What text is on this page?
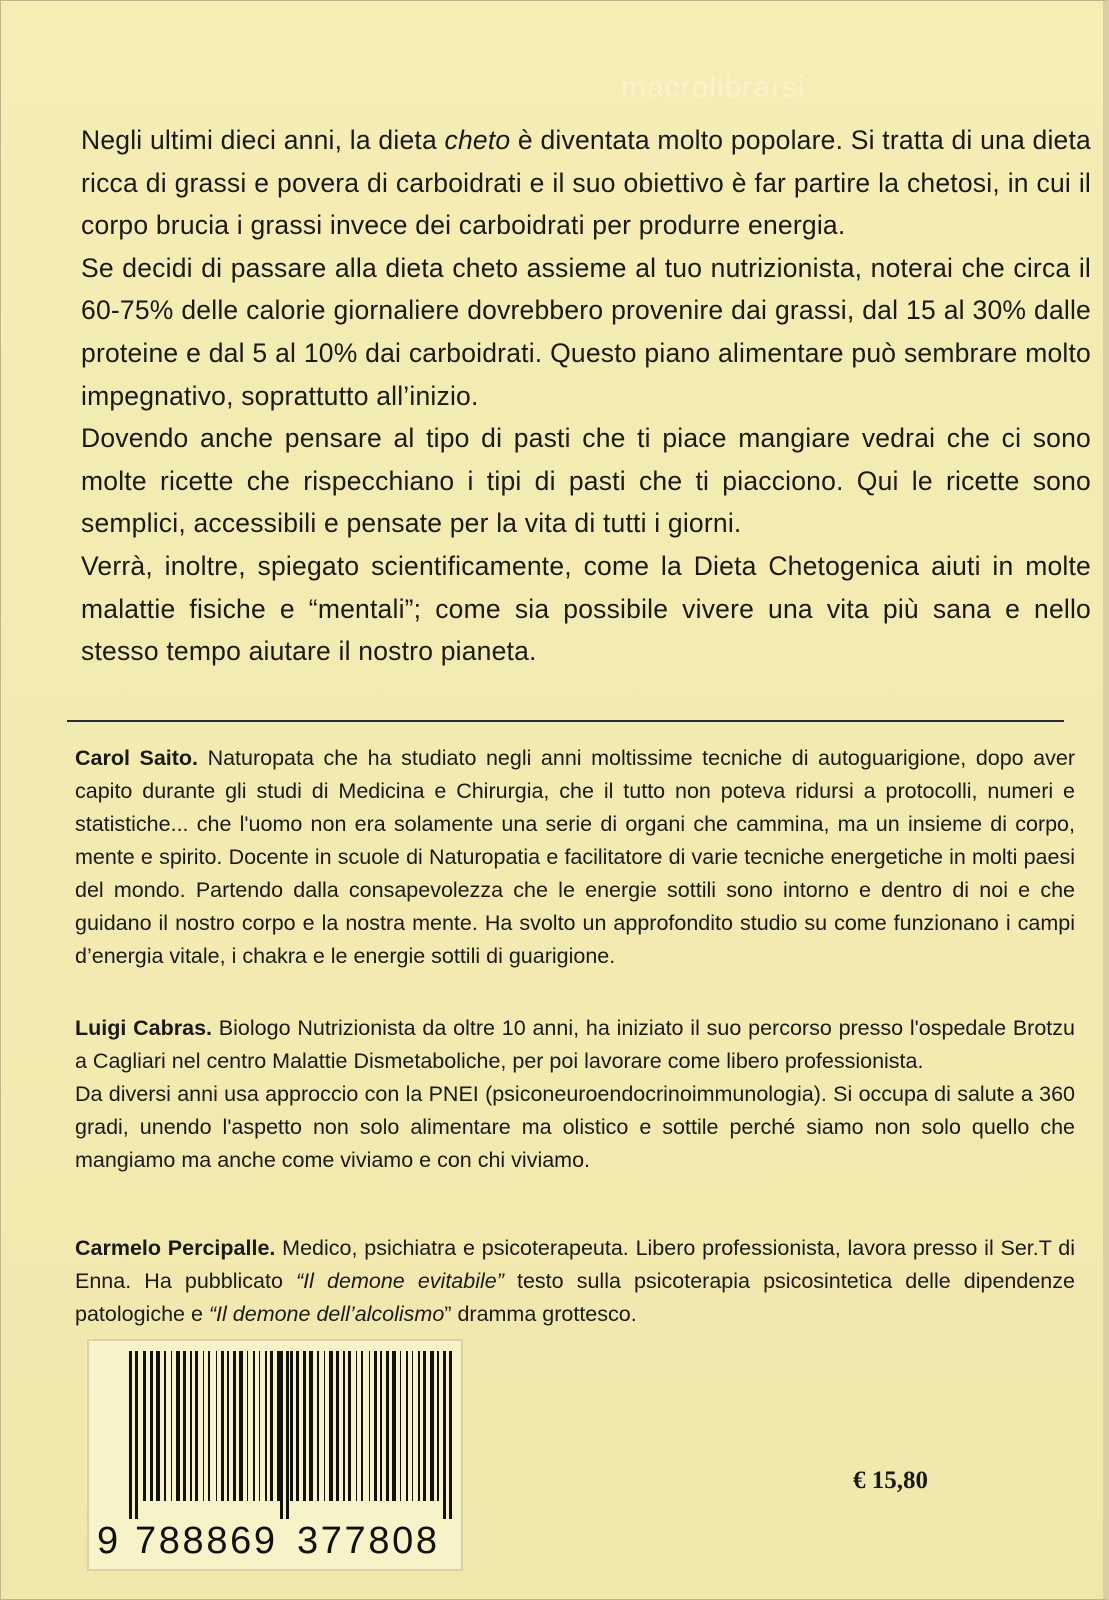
macrolibrarsi

Negli ultimi dieci anni, la dieta cheto è diventata molto popolare. Si tratta di una dieta ricca di grassi e povera di carboidrati e il suo obiettivo è far partire la chetosi, in cui il corpo brucia i grassi invece dei carboidrati per produrre energia.

Se decidi di passare alla dieta cheto assieme al tuo nutrizionista, noterai che circa il 60-75% delle calorie giornaliere dovrebbero provenire dai grassi, dal 15 al 30% dalle proteine e dal 5 al 10% dai carboidrati. Questo piano alimentare può sembrare molto impegnativo, soprattutto all’inizio.

Dovendo anche pensare al tipo di pasti che ti piace mangiare vedrai che ci sono molte ricette che rispecchiano i tipi di pasti che ti piacciono. Qui le ricette sono semplici, accessibili e pensate per la vita di tutti i giorni.

Verrà, inoltre, spiegato scientificamente, come la Dieta Chetogenica aiuti in molte malattie fisiche e “mentali”; come sia possibile vivere una vita più sana e nello stesso tempo aiutare il nostro pianeta.

Carol Saito. Naturopata che ha studiato negli anni moltissime tecniche di autoguarigione, dopo aver capito durante gli studi di Medicina e Chirurgia, che il tutto non poteva ridursi a protocolli, numeri e statistiche... che l'uomo non era solamente una serie di organi che cammina, ma un insieme di corpo, mente e spirito. Docente in scuole di Naturopatia e facilitatore di varie tecniche energetiche in molti paesi del mondo. Partendo dalla consapevolezza che le energie sottili sono intorno e dentro di noi e che guidano il nostro corpo e la nostra mente. Ha svolto un approfondito studio su come funzionano i campi d’energia vitale, i chakra e le energie sottili di guarigione.

Luigi Cabras. Biologo Nutrizionista da oltre 10 anni, ha iniziato il suo percorso presso l'ospedale Brotzu a Cagliari nel centro Malattie Dismetaboliche, per poi lavorare come libero professionista.

Da diversi anni usa approccio con la PNEI (psiconeuroendocrinoimmunologia). Si occupa di salute a 360 gradi, unendo l'aspetto non solo alimentare ma olistico e sottile perché siamo non solo quello che mangiamo ma anche come viviamo e con chi viviamo.

Carmelo Percipalle. Medico, psichiatra e psicoterapeuta. Libero professionista, lavora presso il Ser.T di Enna. Ha pubblicato “Il demone evitabile” testo sulla psicoterapia psicosintetica delle dipendenze patologiche e “Il demone dell’alcolismo” dramma grottesco.

9 788869 377808
€ 15,80
